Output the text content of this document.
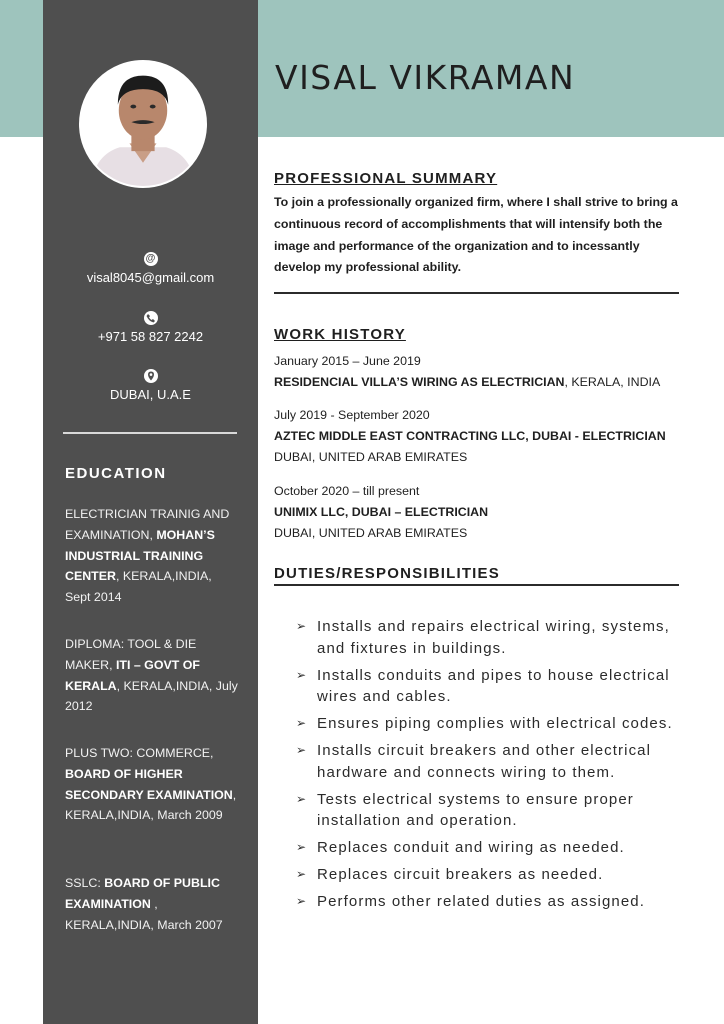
VISAL VIKRAMAN
@
visal8045@gmail.com
+971 58 827 2242
DUBAI, U.A.E
EDUCATION
ELECTRICIAN TRAINIG AND EXAMINATION, MOHAN’S INDUSTRIAL TRAINING CENTER, KERALA,INDIA, Sept 2014
DIPLOMA: TOOL & DIE MAKER, ITI – GOVT OF KERALA, KERALA,INDIA, July 2012
PLUS TWO: COMMERCE, BOARD OF HIGHER SECONDARY EXAMINATION, KERALA,INDIA, March 2009
SSLC: BOARD OF PUBLIC EXAMINATION , KERALA,INDIA, March 2007
PROFESSIONAL SUMMARY
To join a professionally organized firm, where I shall strive to bring a continuous record of accomplishments that will intensify both the image and performance of the organization and to incessantly develop my professional ability.
WORK HISTORY
January 2015 – June 2019
RESIDENCIAL VILLA’S WIRING AS ELECTRICIAN, KERALA, INDIA
July 2019 - September 2020
AZTEC MIDDLE EAST CONTRACTING LLC, DUBAI - ELECTRICIAN
DUBAI, UNITED ARAB EMIRATES
October 2020 – till present
UNIMIX LLC, DUBAI – ELECTRICIAN
DUBAI, UNITED ARAB EMIRATES
DUTIES/RESPONSIBILITIES
➢ Installs and repairs electrical wiring, systems, and fixtures in buildings.
➢ Installs conduits and pipes to house electrical wires and cables.
➢ Ensures piping complies with electrical codes.
➢ Installs circuit breakers and other electrical hardware and connects wiring to them.
➢ Tests electrical systems to ensure proper installation and operation.
➢ Replaces conduit and wiring as needed.
➢ Replaces circuit breakers as needed.
➢ Performs other related duties as assigned.
